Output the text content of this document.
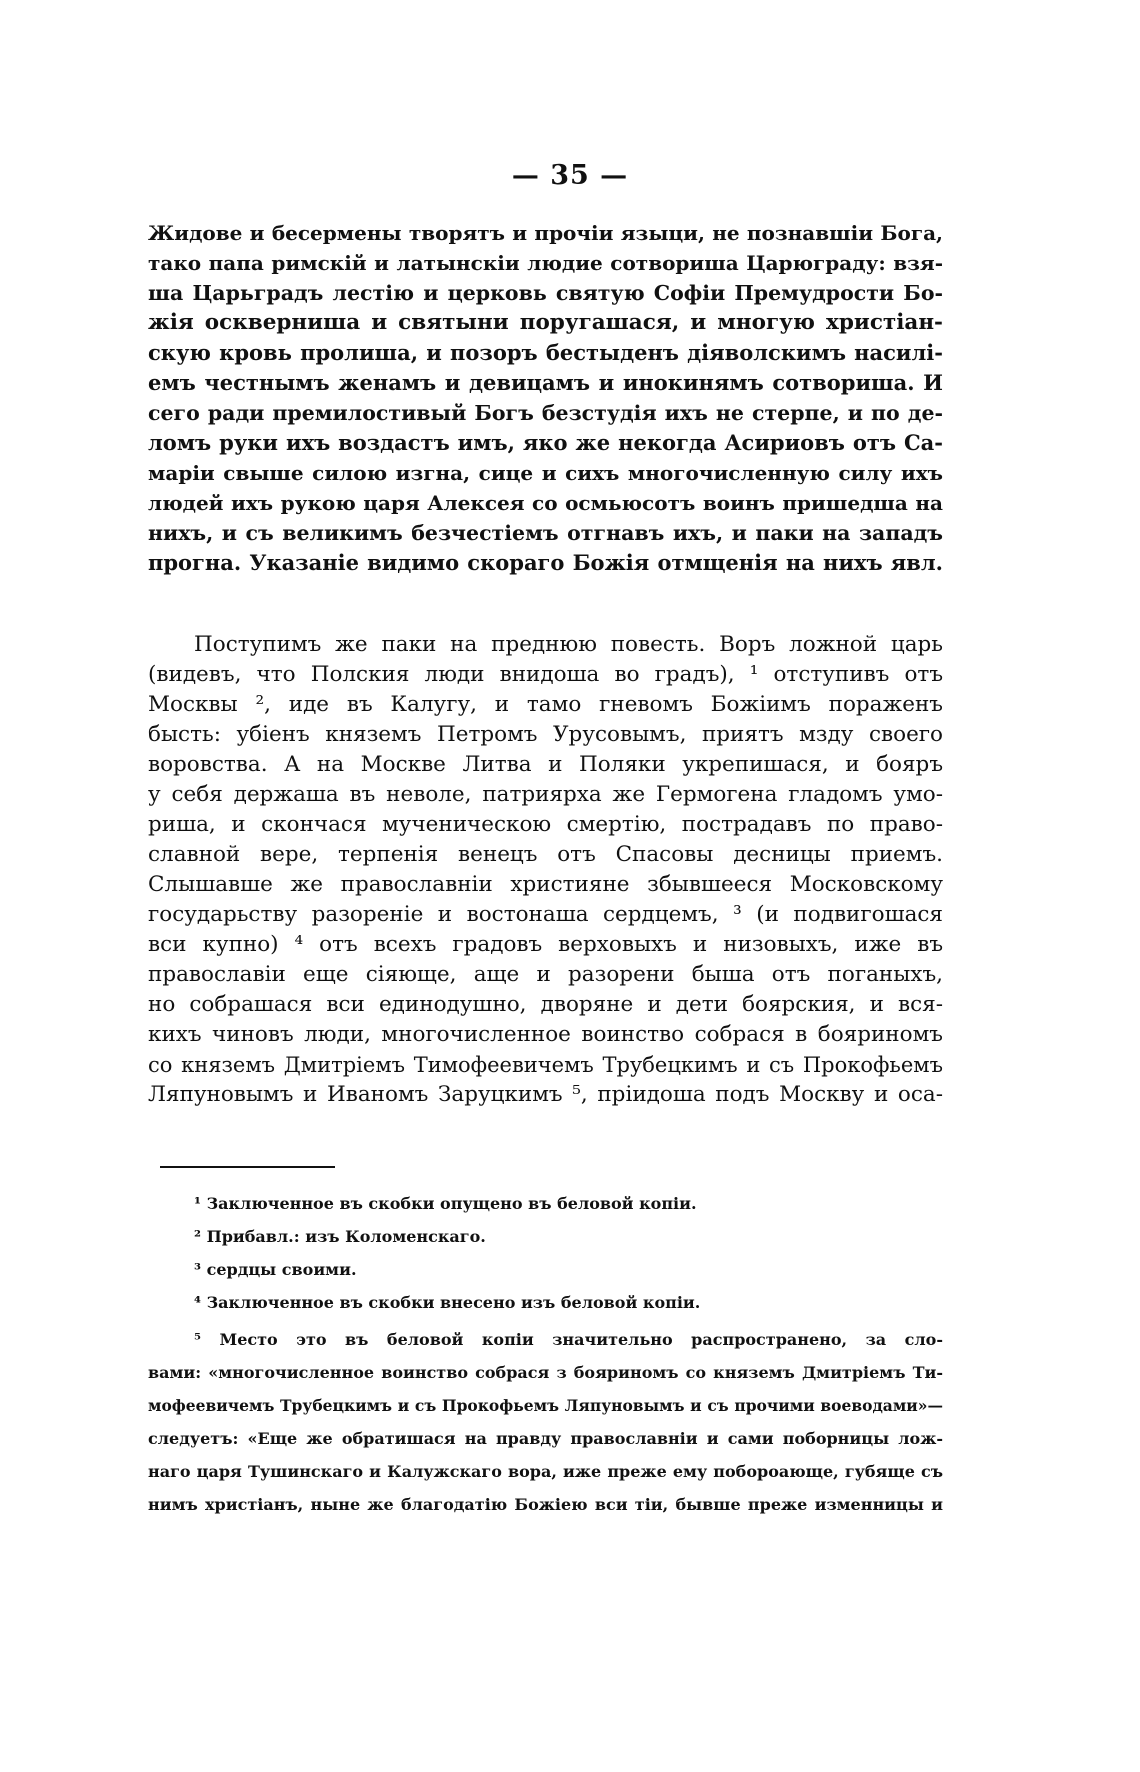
— 35 —
Жидове и бесермены творятъ и прочiи языци, не познавшiи Бога,
тако папа римскiй и латынскiи людие сотвориша Царюграду: взя-
ша Царьградъ лестiю и церковь святую Софiи Премудрости Бо-
жiя оскверниша и святыни поругашася, и многую христiан-
скую кровь пролиша, и позоръ бестыденъ дiяволскимъ насилi-
емъ честнымъ женамъ и девицамъ и инокинямъ сотвориша. И
сего ради премилостивый Богъ безстудiя ихъ не стерпе, и по де-
ломъ руки ихъ воздастъ имъ, яко же некогда Асириовъ отъ Са-
марiи свыше силою изгна, сице и сихъ многочисленную силу ихъ
людей ихъ рукою царя Алексея со осмьюсотъ воинъ пришедша на
нихъ, и съ великимъ безчестiемъ отгнавъ ихъ, и паки на западъ
прогна. Указанiе видимо скораго Божiя отмщенiя на нихъ явл.
Поступимъ же паки на преднюю повесть. Воръ ложной царь
(видевъ, что Полския люди внидоша во градъ), ¹ отступивъ отъ
Москвы ², иде въ Калугу, и тамо гневомъ Божiимъ пораженъ
бысть: убiенъ княземъ Петромъ Урусовымъ, приятъ мзду своего
воровства. А на Москве Литва и Поляки укрепишася, и бояръ
у себя держаша въ неволе, патриярха же Гермогена гладомъ умо-
риша, и скончася мученическою смертiю, пострадавъ по право-
славной вере, терпенiя венецъ отъ Спасовы десницы приемъ.
Слышавше же православнiи християне збывшееся Московскому
государьству разоренiе и востонаша сердцемъ, ³ (и подвигошася
вси купно) ⁴ отъ всехъ градовъ верховыхъ и низовыхъ, иже въ
православiи еще сiяюще, аще и разорени быша отъ поганыхъ,
но собрашася вси единодушно, дворяне и дети боярския, и вся-
кихъ чиновъ люди, многочисленное воинство собрася в бояриномъ
со княземъ Дмитрiемъ Тимофеевичемъ Трубецкимъ и съ Прокофьемъ
Ляпуновымъ и Иваномъ Заруцкимъ ⁵, прiидоша подъ Москву и оса-
¹ Заключенное въ скобки опущено въ беловой копiи.
² Прибавл.: изъ Коломенскаго.
³ сердцы своими.
⁴ Заключенное въ скобки внесено изъ беловой копiи.
⁵ Место это въ беловой копiи значительно распространено, за сло-
вами: «многочисленное воинство собрася з бояриномъ со княземъ Дмитрiемъ Ти-
мофеевичемъ Трубецкимъ и съ Прокофьемъ Ляпуновымъ и съ прочими воеводами»—
следуетъ: «Еще же обратишася на правду православнiи и сами поборницы лож-
наго царя Тушинскаго и Калужскаго вора, иже преже ему побороающе, губяще съ
нимъ христiанъ, нынe же благодатiю Божiею вси тiи, бывше преже изменницы и
